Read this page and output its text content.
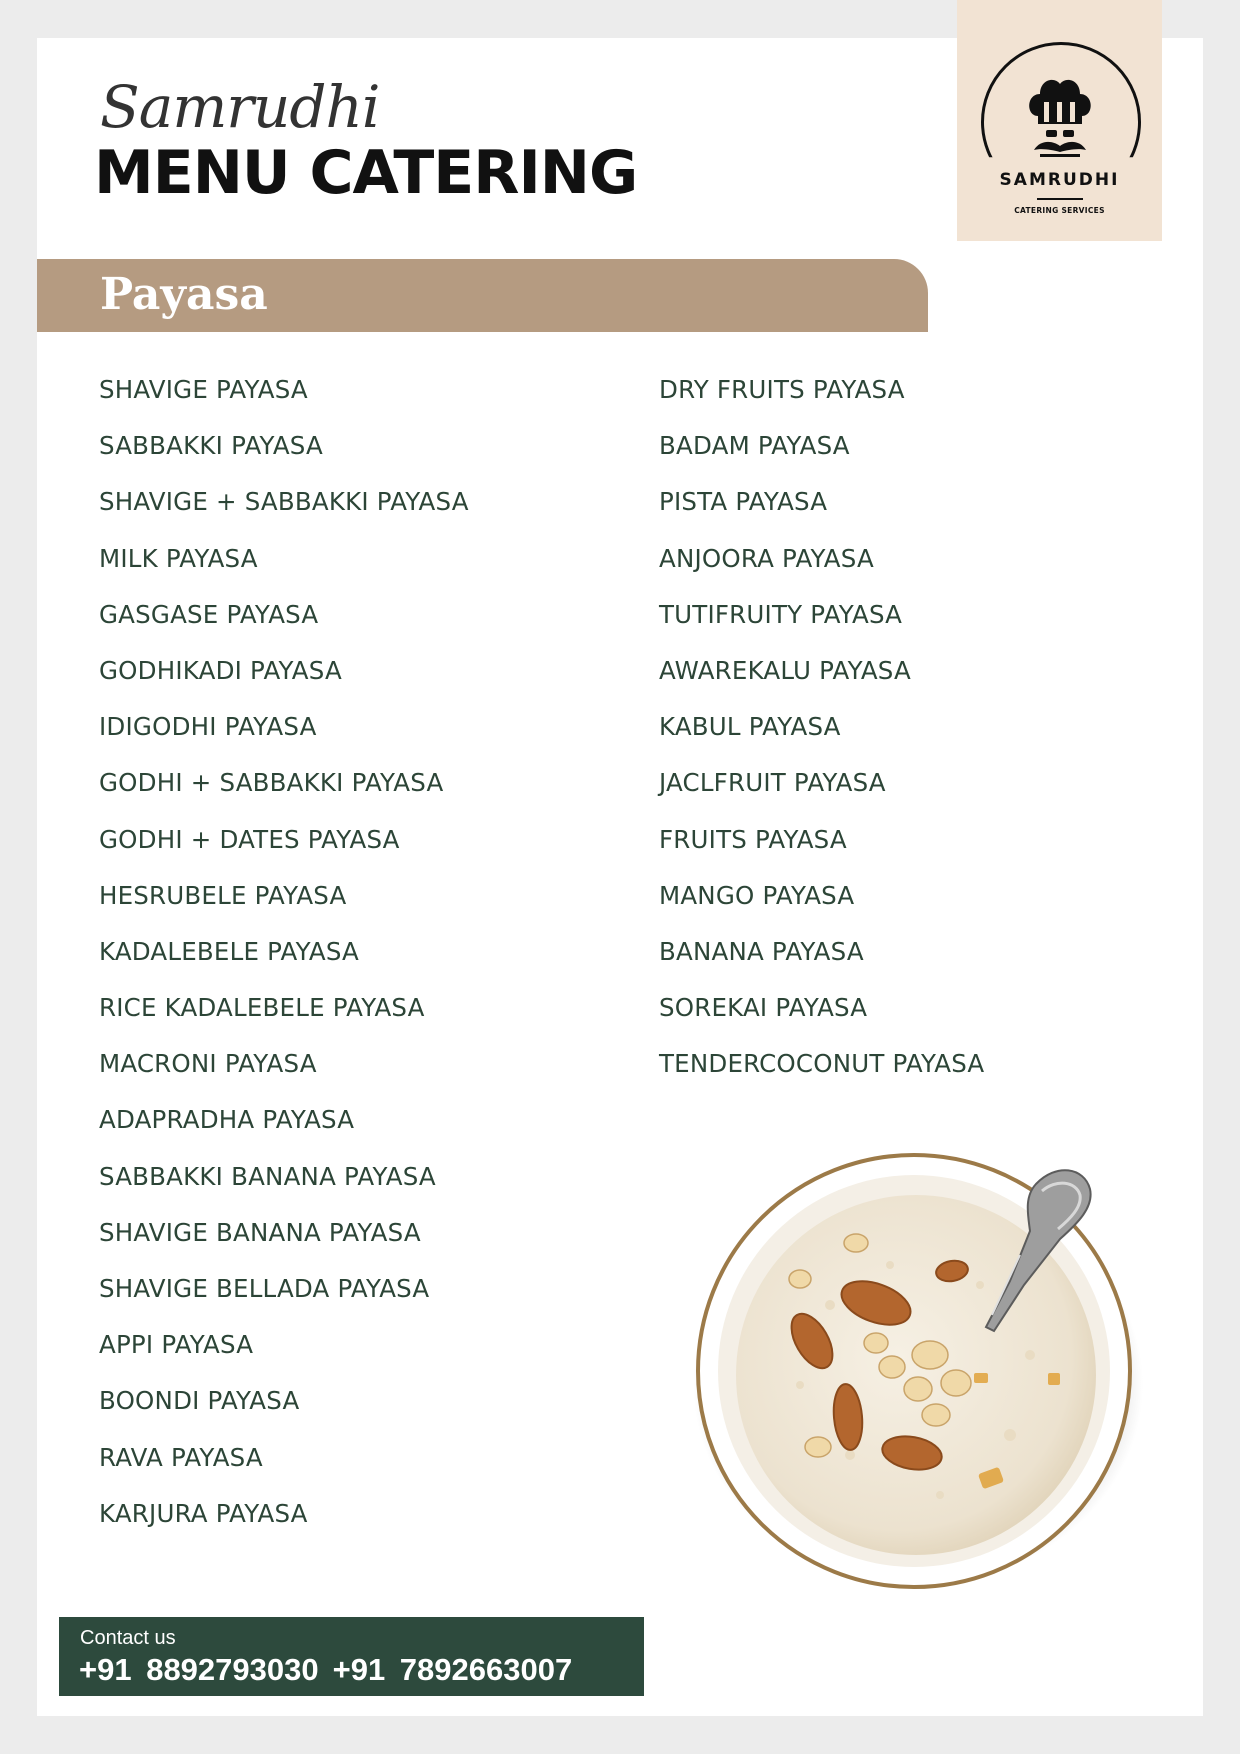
Samrudhi
MENU CATERING	SAMRUDHI
CATERING SERVICES
Payasa
SHAVIGE PAYASA
SABBAKKI PAYASA
SHAVIGE + SABBAKKI PAYASA
MILK PAYASA
GASGASE PAYASA
GODHIKADI PAYASA
IDIGODHI PAYASA
GODHI + SABBAKKI PAYASA
GODHI + DATES PAYASA
HESRUBELE PAYASA
KADALEBELE PAYASA
RICE KADALEBELE PAYASA
MACRONI PAYASA
ADAPRADHA PAYASA
SABBAKKI BANANA PAYASA
SHAVIGE BANANA PAYASA
SHAVIGE BELLADA PAYASA
APPI PAYASA
BOONDI PAYASA
RAVA PAYASA
KARJURA PAYASA
DRY FRUITS PAYASA
BADAM PAYASA
PISTA PAYASA
ANJOORA PAYASA
TUTIFRUITY PAYASA
AWAREKALU PAYASA
KABUL PAYASA
JACLFRUIT PAYASA
FRUITS PAYASA
MANGO PAYASA
BANANA PAYASA
SOREKAI PAYASA
TENDERCOCONUT PAYASA
Contact us
+91 8892793030 +91 7892663007
